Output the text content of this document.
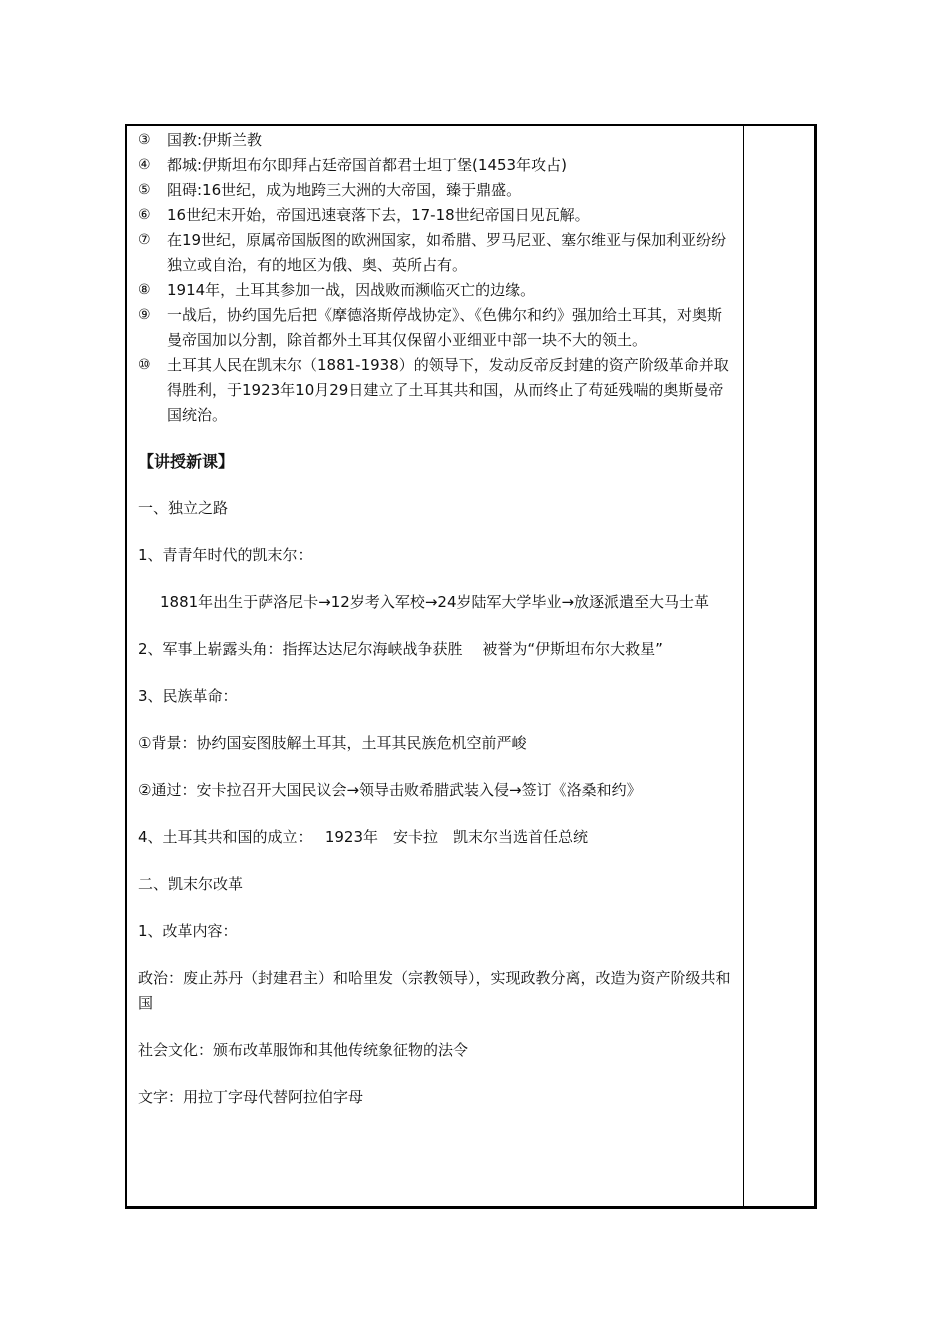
③	国教:伊斯兰教
④	都城:伊斯坦布尔即拜占廷帝国首都君士坦丁堡(1453年攻占)
⑤	阻碍:16世纪，成为地跨三大洲的大帝国，臻于鼎盛。
⑥	16世纪末开始，帝国迅速衰落下去，17-18世纪帝国日见瓦解。
⑦	在19世纪，原属帝国版图的欧洲国家，如希腊、罗马尼亚、塞尔维亚与保加利亚纷纷独立或自治，有的地区为俄、奥、英所占有。
⑧	1914年，土耳其参加一战，因战败而濒临灭亡的边缘。
⑨	一战后，协约国先后把《摩德洛斯停战协定》、《色佛尔和约》强加给土耳其，对奥斯曼帝国加以分割，除首都外土耳其仅保留小亚细亚中部一块不大的领土。
⑩	土耳其人民在凯末尔（1881-1938）的领导下，发动反帝反封建的资产阶级革命并取得胜利，于1923年10月29日建立了土耳其共和国，从而终止了苟延残喘的奥斯曼帝国统治。
【讲授新课】
一、独立之路
1、青青年时代的凯末尔：
1881年出生于萨洛尼卡→12岁考入军校→24岁陆军大学毕业→放逐派遣至大马士革
2、军事上崭露头角：指挥达达尼尔海峡战争获胜　 被誉为“伊斯坦布尔大救星”
3、民族革命：
①背景：协约国妄图肢解土耳其，土耳其民族危机空前严峻
②通过：安卡拉召开大国民议会→领导击败希腊武装入侵→签订《洛桑和约》
4、土耳其共和国的成立：　 1923年　安卡拉　凯末尔当选首任总统
二、凯末尔改革
1、改革内容：
政治：废止苏丹（封建君主）和哈里发（宗教领导），实现政教分离，改造为资产阶级共和国
社会文化：颁布改革服饰和其他传统象征物的法令
文字：用拉丁字母代替阿拉伯字母
